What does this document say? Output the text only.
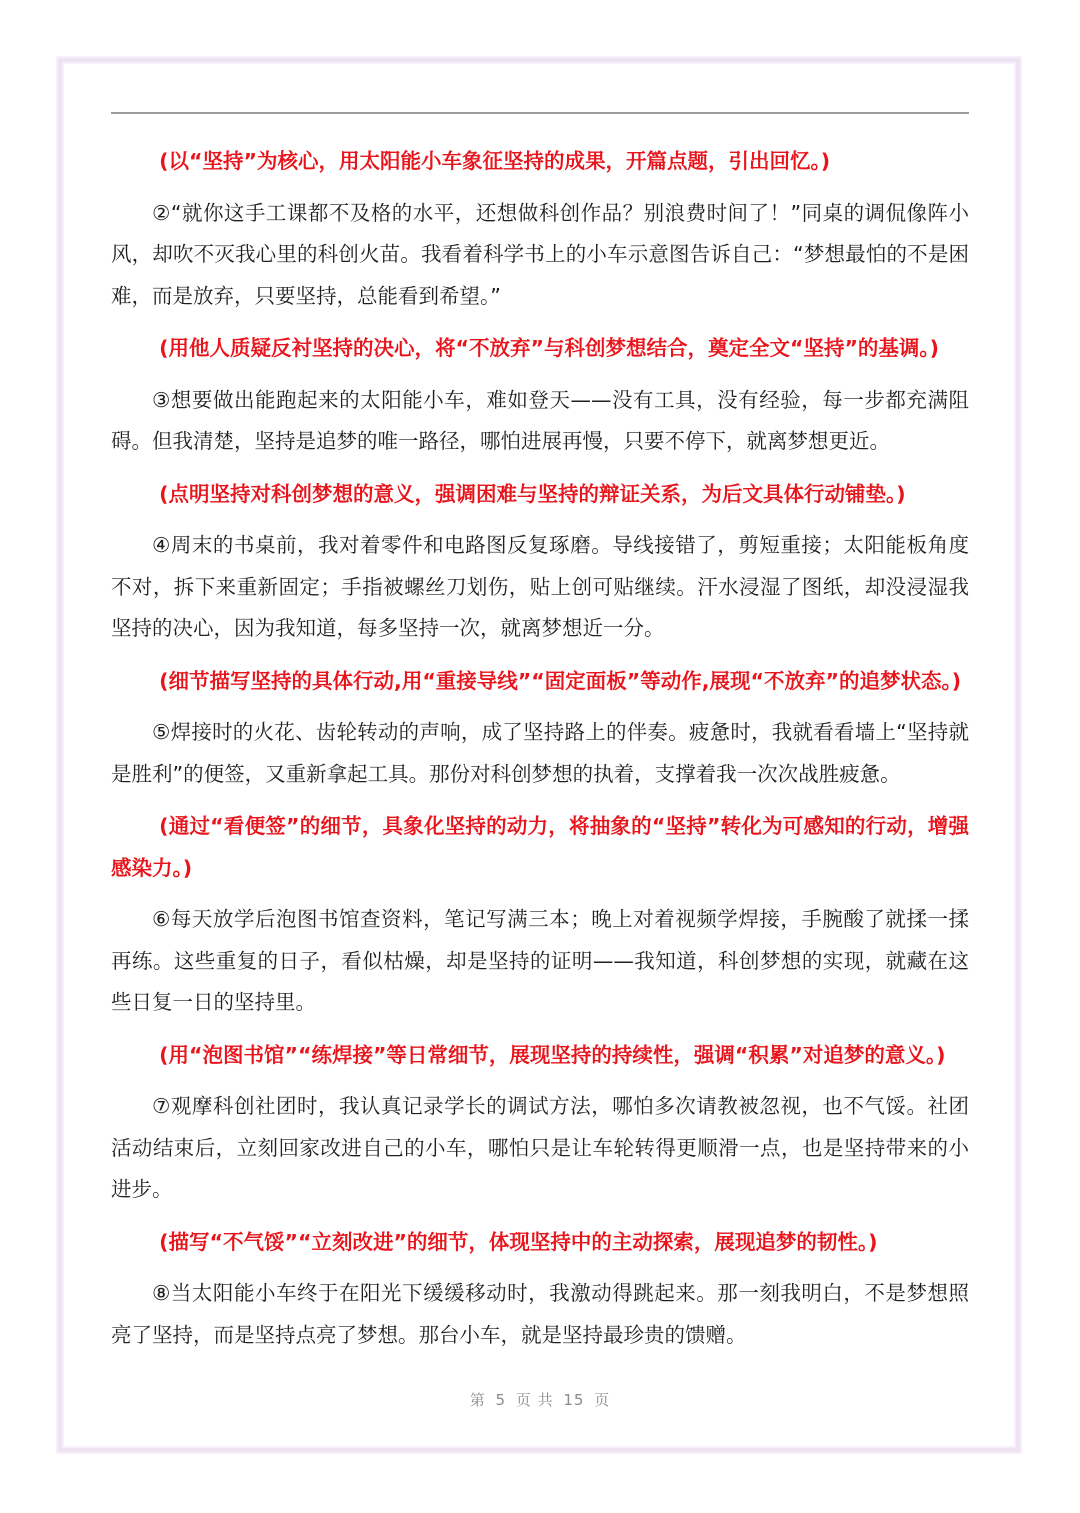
(以“坚持”为核心，用太阳能小车象征坚持的成果，开篇点题，引出回忆。)

②“就你这手工课都不及格的水平，还想做科创作品？别浪费时间了！”同桌的调侃像阵小风，却吹不灭我心里的科创火苗。我看着科学书上的小车示意图告诉自己：“梦想最怕的不是困难，而是放弃，只要坚持，总能看到希望。”

(用他人质疑反衬坚持的决心，将“不放弃”与科创梦想结合，奠定全文“坚持”的基调。)

③想要做出能跑起来的太阳能小车，难如登天——没有工具，没有经验，每一步都充满阻碍。但我清楚，坚持是追梦的唯一路径，哪怕进展再慢，只要不停下，就离梦想更近。

(点明坚持对科创梦想的意义，强调困难与坚持的辩证关系，为后文具体行动铺垫。)

④周末的书桌前，我对着零件和电路图反复琢磨。导线接错了，剪短重接；太阳能板角度不对，拆下来重新固定；手指被螺丝刀划伤，贴上创可贴继续。汗水浸湿了图纸，却没浸湿我坚持的决心，因为我知道，每多坚持一次，就离梦想近一分。

(细节描写坚持的具体行动,用“重接导线”“固定面板”等动作,展现“不放弃”的追梦状态。)

⑤焊接时的火花、齿轮转动的声响，成了坚持路上的伴奏。疲惫时，我就看看墙上“坚持就是胜利”的便签，又重新拿起工具。那份对科创梦想的执着，支撑着我一次次战胜疲惫。

(通过“看便签”的细节，具象化坚持的动力，将抽象的“坚持”转化为可感知的行动，增强感染力。)

⑥每天放学后泡图书馆查资料，笔记写满三本；晚上对着视频学焊接，手腕酸了就揉一揉再练。这些重复的日子，看似枯燥，却是坚持的证明——我知道，科创梦想的实现，就藏在这些日复一日的坚持里。

(用“泡图书馆”“练焊接”等日常细节，展现坚持的持续性，强调“积累”对追梦的意义。)

⑦观摩科创社团时，我认真记录学长的调试方法，哪怕多次请教被忽视，也不气馁。社团活动结束后，立刻回家改进自己的小车，哪怕只是让车轮转得更顺滑一点，也是坚持带来的小进步。

(描写“不气馁”“立刻改进”的细节，体现坚持中的主动探索，展现追梦的韧性。)

⑧当太阳能小车终于在阳光下缓缓移动时，我激动得跳起来。那一刻我明白，不是梦想照亮了坚持，而是坚持点亮了梦想。那台小车，就是坚持最珍贵的馈赠。

第 5 页 共 15 页
